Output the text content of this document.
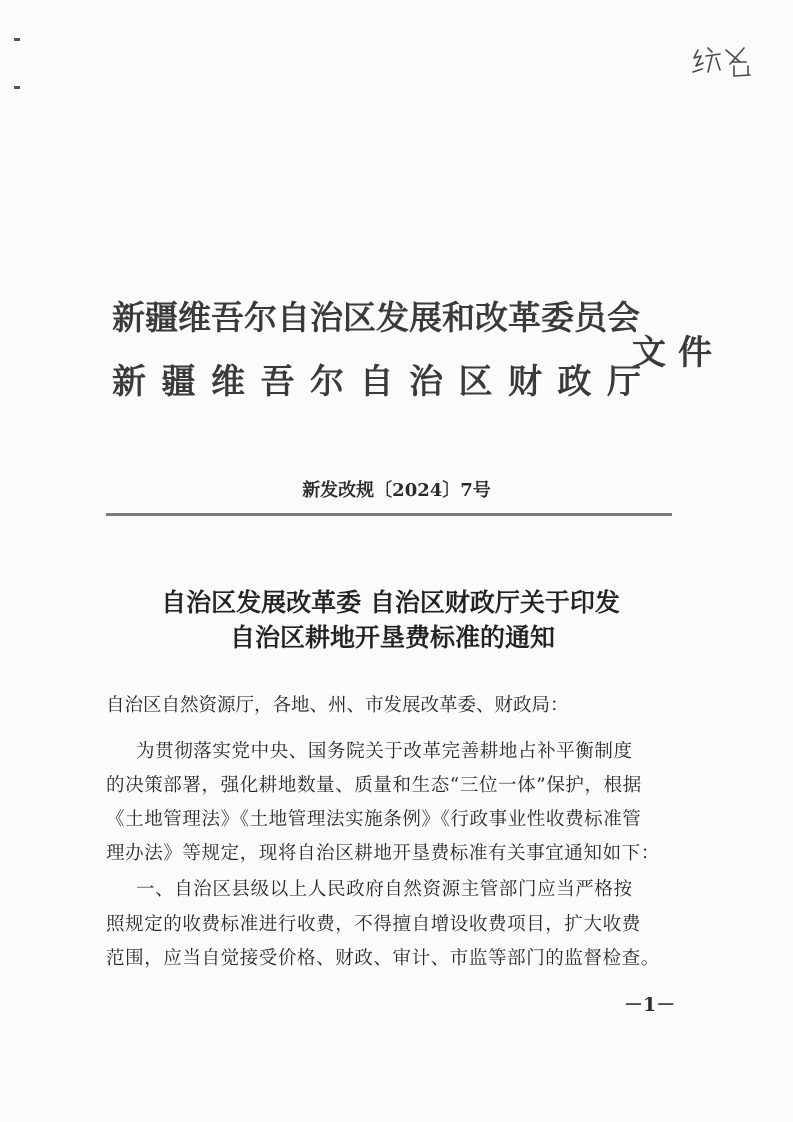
新疆维吾尔自治区发展和改革委员会
新疆维吾尔自治区财政厅
文件
新发改规〔2024〕7号
自治区发展改革委 自治区财政厅关于印发
自治区耕地开垦费标准的通知
自治区自然资源厅，各地、州、市发展改革委、财政局：
为贯彻落实党中央、国务院关于改革完善耕地占补平衡制度
的决策部署，强化耕地数量、质量和生态“三位一体”保护，根据
《土地管理法》《土地管理法实施条例》《行政事业性收费标准管
理办法》等规定，现将自治区耕地开垦费标准有关事宜通知如下：
一、自治区县级以上人民政府自然资源主管部门应当严格按
照规定的收费标准进行收费，不得擅自增设收费项目，扩大收费
范围，应当自觉接受价格、财政、审计、市监等部门的监督检查。
－1－
